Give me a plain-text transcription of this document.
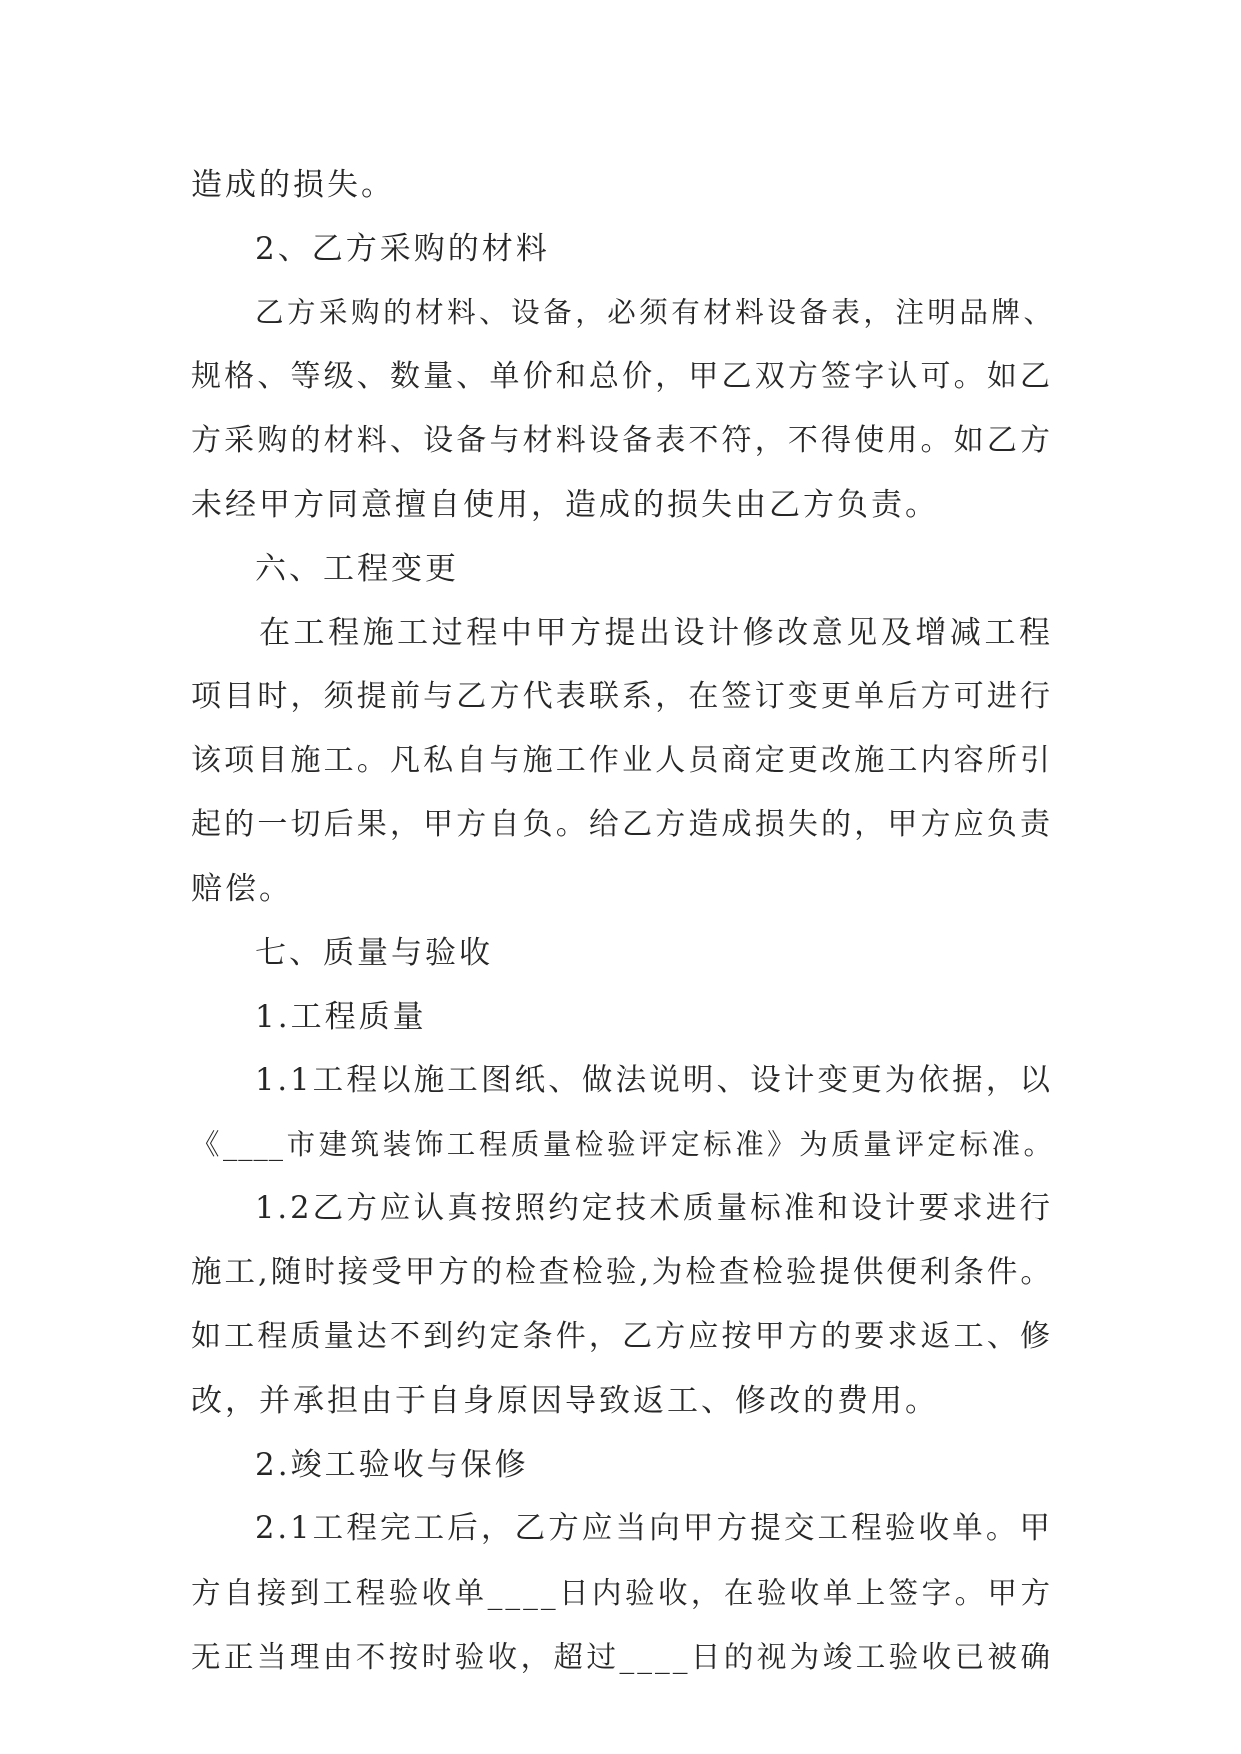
造成的损失。
2、乙方采购的材料
乙方采购的材料、设备，必须有材料设备表，注明品牌、
规格、等级、数量、单价和总价，甲乙双方签字认可。如乙
方采购的材料、设备与材料设备表不符，不得使用。如乙方
未经甲方同意擅自使用，造成的损失由乙方负责。
六、工程变更
在工程施工过程中甲方提出设计修改意见及增减工程
项目时，须提前与乙方代表联系，在签订变更单后方可进行
该项目施工。凡私自与施工作业人员商定更改施工内容所引
起的一切后果，甲方自负。给乙方造成损失的，甲方应负责
赔偿。
七、质量与验收
1.工程质量
1.1工程以施工图纸、做法说明、设计变更为依据，以
《____市建筑装饰工程质量检验评定标准》为质量评定标准。
1.2乙方应认真按照约定技术质量标准和设计要求进行
施工,随时接受甲方的检查检验,为检查检验提供便利条件。
如工程质量达不到约定条件，乙方应按甲方的要求返工、修
改，并承担由于自身原因导致返工、修改的费用。
2.竣工验收与保修
2.1工程完工后，乙方应当向甲方提交工程验收单。甲
方自接到工程验收单____日内验收，在验收单上签字。甲方
无正当理由不按时验收，超过____日的视为竣工验收已被确
